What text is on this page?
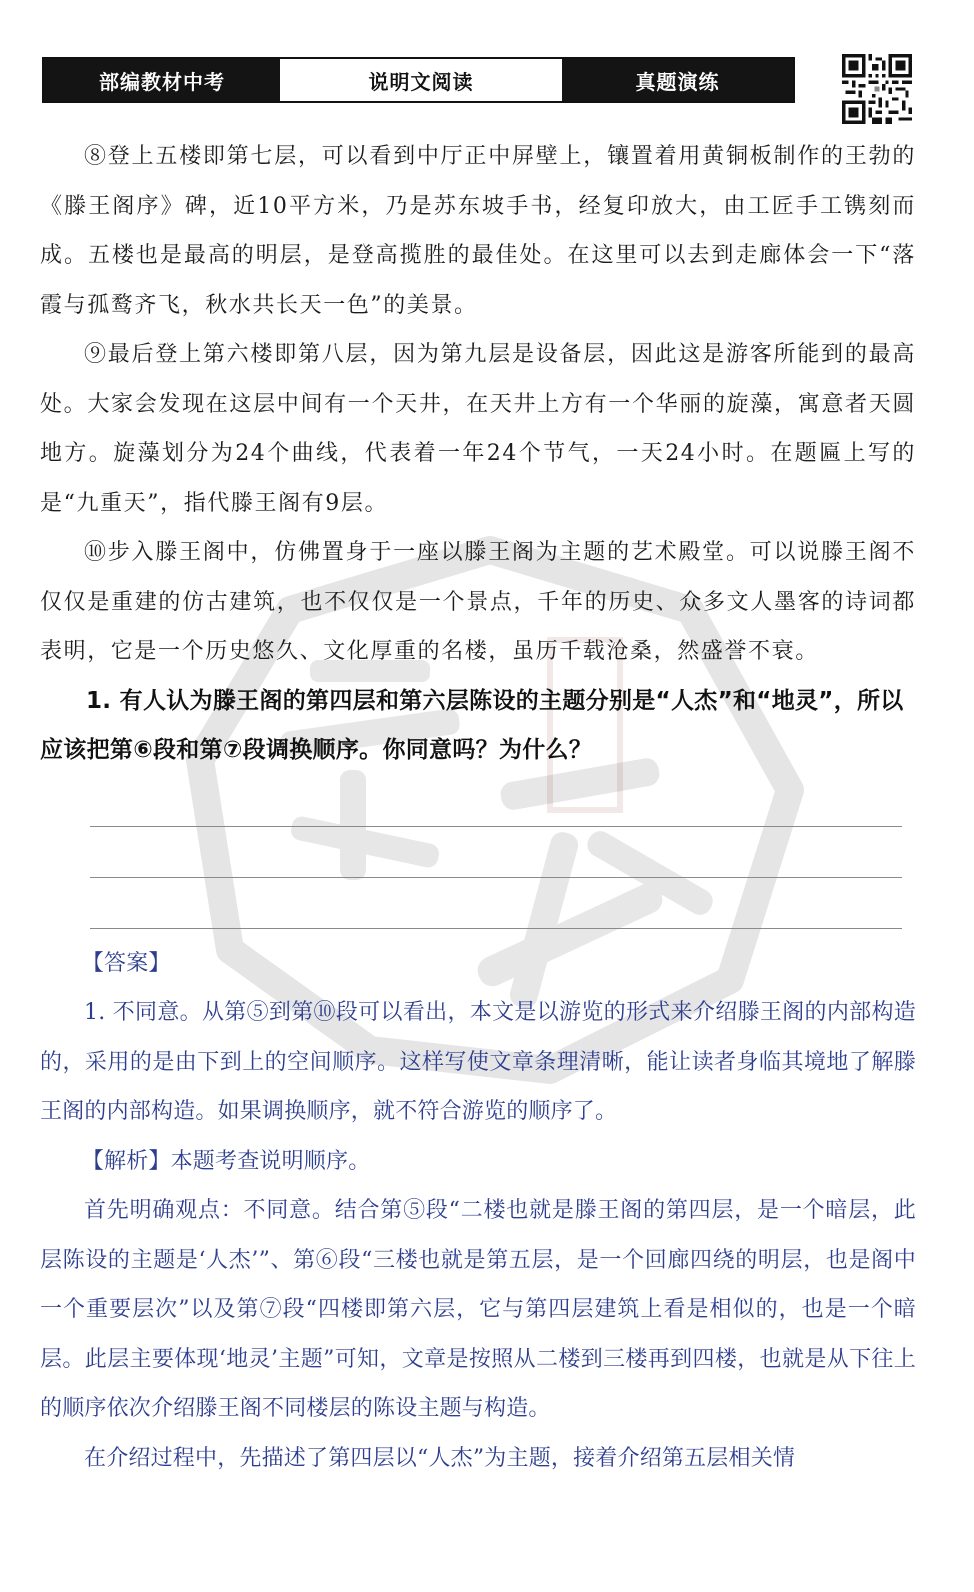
部编教材中考	说明文阅读	真题演练

⑧登上五楼即第七层，可以看到中厅正中屏壁上，镶置着用黄铜板制作的王勃的《滕王阁序》碑，近10平方米，乃是苏东坡手书，经复印放大，由工匠手工镌刻而成。五楼也是最高的明层，是登高揽胜的最佳处。在这里可以去到走廊体会一下“落霞与孤鹜齐飞，秋水共长天一色”的美景。

⑨最后登上第六楼即第八层，因为第九层是设备层，因此这是游客所能到的最高处。大家会发现在这层中间有一个天井，在天井上方有一个华丽的旋藻，寓意者天圆地方。旋藻划分为24个曲线，代表着一年24个节气，一天24小时。在题匾上写的是“九重天”，指代滕王阁有9层。

⑩步入滕王阁中，仿佛置身于一座以滕王阁为主题的艺术殿堂。可以说滕王阁不仅仅是重建的仿古建筑，也不仅仅是一个景点，千年的历史、众多文人墨客的诗词都表明，它是一个历史悠久、文化厚重的名楼，虽历千载沧桑，然盛誉不衰。

1. 有人认为滕王阁的第四层和第六层陈设的主题分别是“人杰”和“地灵”，所以应该把第⑥段和第⑦段调换顺序。你同意吗？为什么？

【答案】

1. 不同意。从第⑤到第⑩段可以看出，本文是以游览的形式来介绍滕王阁的内部构造的，采用的是由下到上的空间顺序。这样写使文章条理清晰，能让读者身临其境地了解滕王阁的内部构造。如果调换顺序，就不符合游览的顺序了。

【解析】本题考查说明顺序。

首先明确观点：不同意。结合第⑤段“二楼也就是滕王阁的第四层，是一个暗层，此层陈设的主题是‘人杰’”、第⑥段“三楼也就是第五层，是一个回廊四绕的明层，也是阁中一个重要层次”以及第⑦段“四楼即第六层，它与第四层建筑上看是相似的，也是一个暗层。此层主要体现‘地灵’主题”可知，文章是按照从二楼到三楼再到四楼，也就是从下往上的顺序依次介绍滕王阁不同楼层的陈设主题与构造。

在介绍过程中，先描述了第四层以“人杰”为主题，接着介绍第五层相关情
